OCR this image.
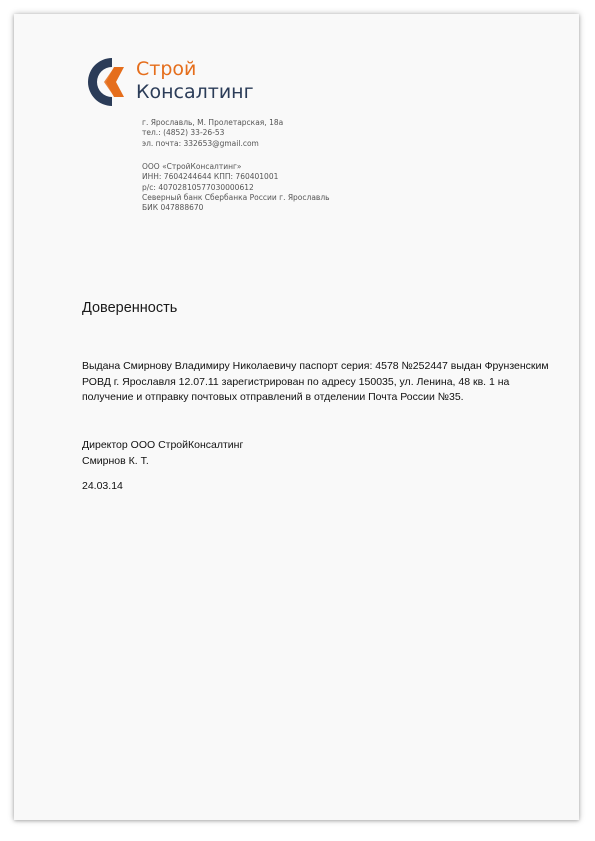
Строй
Консалтинг
г. Ярославль, М. Пролетарская, 18а
тел.: (4852) 33-26-53
эл. почта: 332653@gmail.com
ООО «СтройКонсалтинг»
ИНН: 7604244644 КПП: 760401001
р/с: 40702810577030000612
Северный банк Сбербанка России г. Ярославль
БИК 047888670
Доверенность
Выдана Смирнову Владимиру Николаевичу паспорт серия: 4578 №252447 выдан Фрунзенским
РОВД г. Ярославля 12.07.11 зарегистрирован по адресу 150035, ул. Ленина, 48 кв. 1 на
получение и отправку почтовых отправлений в отделении Почта России №35.
Директор ООО СтройКонсалтинг
Смирнов К. Т.
24.03.14
